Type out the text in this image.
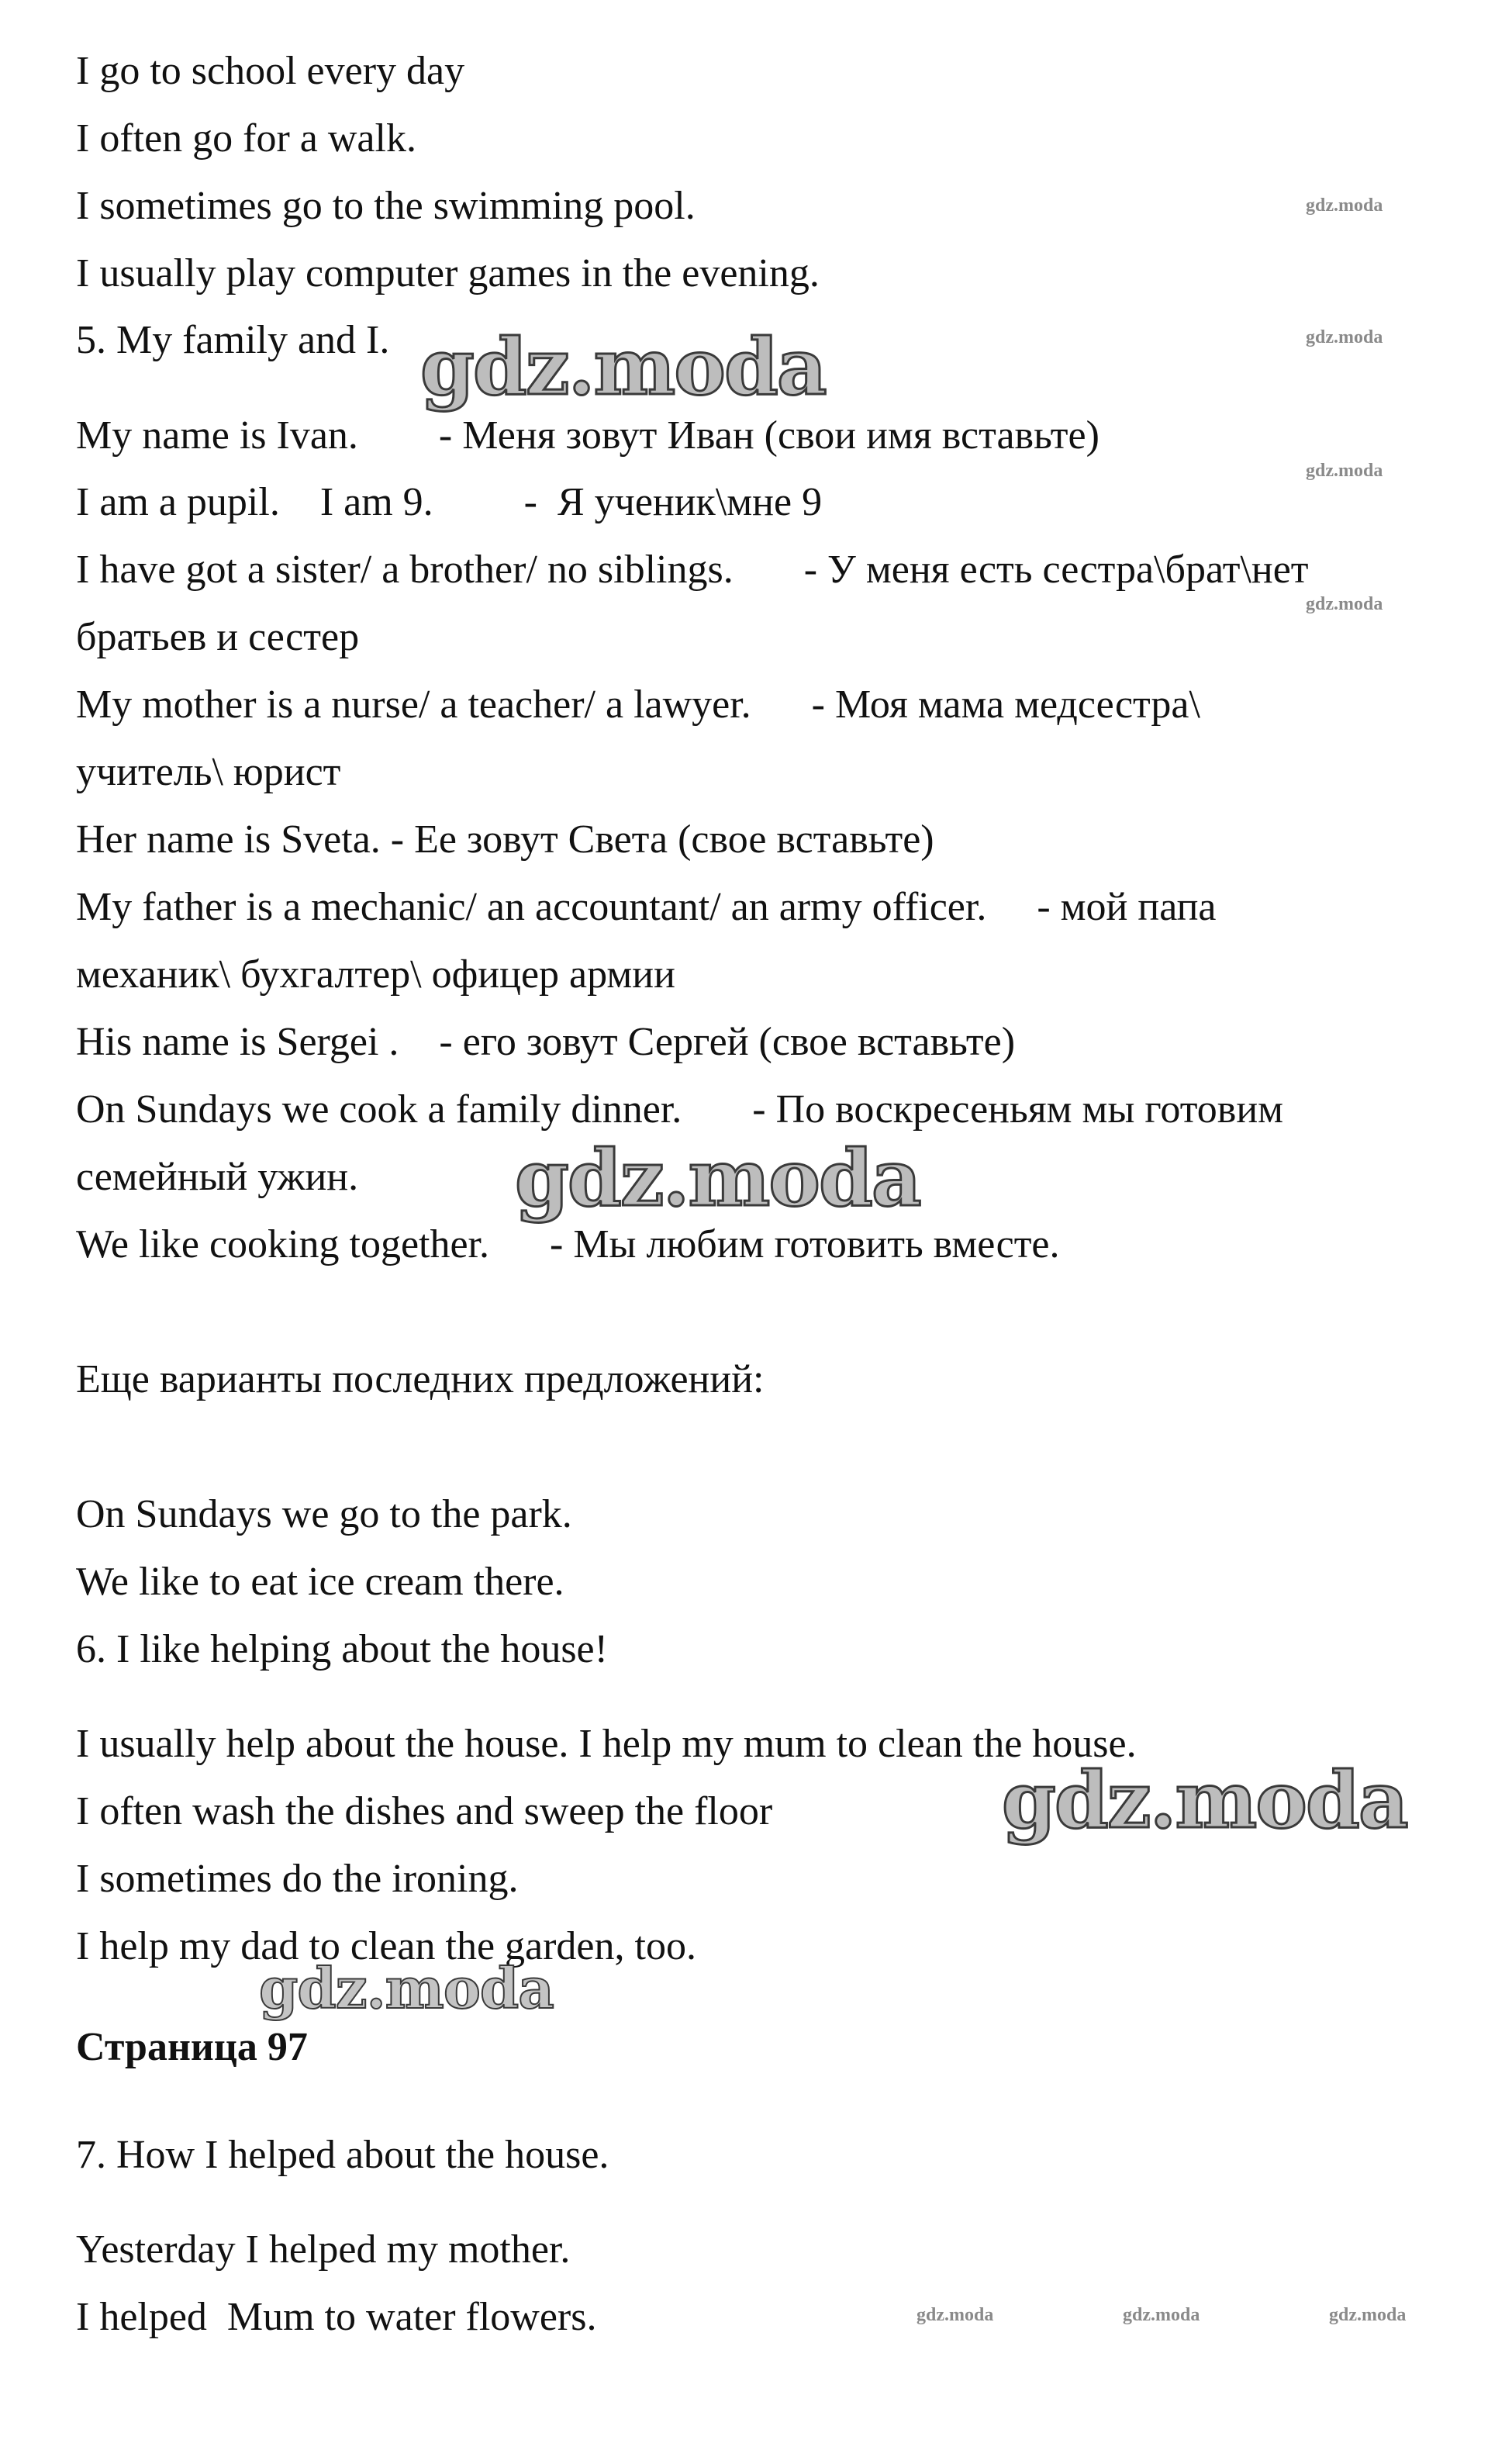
I go to school every day
I often go for a walk.
I sometimes go to the swimming pool.
I usually play computer games in the evening.
5. My family and I.
My name is Ivan.        - Меня зовут Иван (свои имя вставьте)
I am a pupil.    I am 9.         -  Я ученик\мне 9
I have got a sister/ a brother/ no siblings.       - У меня есть сестра\брат\нет
братьев и сестер
My mother is a nurse/ a teacher/ a lawyer.      - Моя мама медсестра\
учитель\ юрист
Her name is Sveta. - Ее зовут Света (свое вставьте)
My father is a mechanic/ an accountant/ an army officer.     - мой папа
механик\ бухгалтер\ офицер армии
His name is Sergei .    - его зовут Сергей (свое вставьте)
On Sundays we cook a family dinner.       - По воскресеньям мы готовим
семейный ужин.
We like cooking together.      - Мы любим готовить вместе.
Еще варианты последних предложений:
On Sundays we go to the park.
We like to eat ice cream there.
6. I like helping about the house!
I usually help about the house. I help my mum to clean the house.
I often wash the dishes and sweep the floor
I sometimes do the ironing.
I help my dad to clean the garden, too.
Страница 97
7. How I helped about the house.
Yesterday I helped my mother.
I helped  Mum to water flowers.
gdz.moda
gdz.moda
gdz.moda
gdz.moda
gdz.moda	gdz.moda	gdz.moda
gdz.moda
gdz.moda
gdz.moda
gdz.moda
